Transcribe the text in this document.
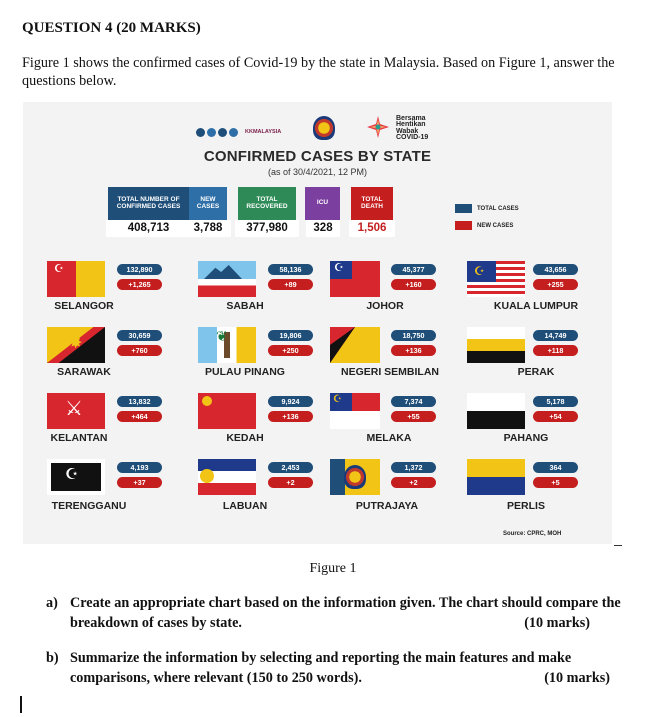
QUESTION 4 (20 MARKS)
Figure 1 shows the confirmed cases of Covid-19 by the state in Malaysia. Based on Figure 1, answer the questions below.
KKMALAYSIA
Bersama
Hentikan
Wabak
COVID-19
CONFIRMED CASES BY STATE
(as of 30/4/2021, 12 PM)
TOTAL NUMBER OF CONFIRMED CASES
NEW CASES
TOTAL RECOVERED	ICU	TOTAL DEATH
408,713	3,788	377,980	328	1,506
TOTAL CASES
NEW CASES
☪	132,890
+1,265
SELANGOR
58,136
+89
SABAH
☪	45,377
+160
JOHOR
☪	43,656
+255
KUALA LUMPUR
✸	30,659
+760
SARAWAK
❦	19,806
+250
PULAU PINANG
18,750
+136
NEGERI SEMBILAN
14,749
+118
PERAK
⚔	13,832
+464
KELANTAN
9,924
+136
KEDAH
☪	7,374
+55
MELAKA
5,178
+54
PAHANG
☪	4,193
+37
TERENGGANU
2,453
+2
LABUAN
1,372
+2
PUTRAJAYA
364
+5
PERLIS
Source: CPRC, MOH
Figure 1
a) Create an appropriate chart based on the information given. The chart should compare the breakdown of cases by state.	(10 marks)
b) Summarize the information by selecting and reporting the main features and make comparisons, where relevant (150 to 250 words).	(10 marks)
